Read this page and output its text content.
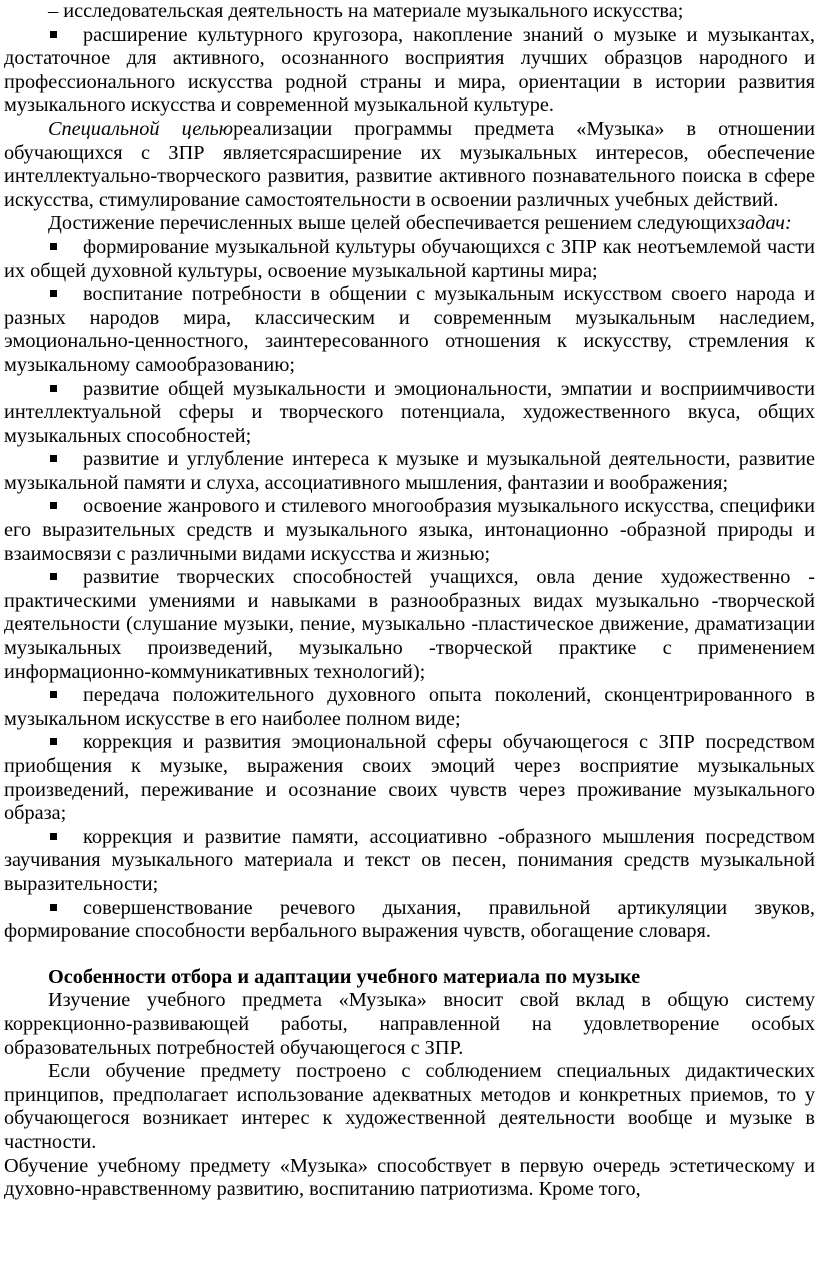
– исследовательская деятельность на материале музыкального искусства;

расширение культурного кругозора, накопление знаний о музыке и музыкантах, достаточное для активного, осознанного восприятия лучших образцов народного и профессионального искусства родной страны и мира, ориентации в истории развития музыкального искусства и современной музыкальной культуре.

Специальной цельюреализации программы предмета «Музыка» в отношении обучающихся с ЗПР являетсярасширение их музыкальных интересов, обеспечение интеллектуально-творческого развития, развитие активного познавательного поиска в сфере искусства, стимулирование самостоятельности в освоении различных учебных действий.

Достижение перечисленных выше целей обеспечивается решением следующихзадач:

формирование музыкальной культуры обучающихся с ЗПР как неотъемлемой части их общей духовной культуры, освоение музыкальной картины мира;

воспитание потребности в общении с музыкальным искусством своего народа и разных народов мира, классическим и современным музыкальным наследием, эмоционально-ценностного, заинтересованного отношения к искусству, стремления к музыкальному самообразованию;

развитие общей музыкальности и эмоциональности, эмпатии и восприимчивости интеллектуальной сферы и творческого потенциала, художественного вкуса, общих музыкальных способностей;

развитие и углубление интереса к музыке и музыкальной деятельности, развитие музыкальной памяти и слуха, ассоциативного мышления, фантазии и воображения;

освоение жанрового и стилевого многообразия музыкального искусства, специфики его выразительных средств и музыкального языка, интонационно -образной природы и взаимосвязи с различными видами искусства и жизнью;

развитие творческих способностей учащихся, овла дение художественно - практическими умениями и навыками в разнообразных видах музыкально -творческой деятельности (слушание музыки, пение, музыкально -пластическое движение, драматизации музыкальных произведений, музыкально -творческой практике с применением информационно-коммуникативных технологий);

передача положительного духовного опыта поколений, сконцентрированного в музыкальном искусстве в его наиболее полном виде;

коррекция и развития эмоциональной сферы обучающегося с ЗПР посредством приобщения к музыке, выражения своих эмоций через восприятие музыкальных произведений, переживание и осознание своих чувств через проживание музыкального образа;

коррекция и развитие памяти, ассоциативно -образного мышления посредством заучивания музыкального материала и текст ов песен, понимания средств музыкальной выразительности;

совершенствование речевого дыхания, правильной артикуляции звуков, формирование способности вербального выражения чувств, обогащение словаря.

Особенности отбора и адаптации учебного материала по музыке

Изучение учебного предмета «Музыка» вносит свой вклад в общую систему коррекционно-развивающей работы, направленной на удовлетворение особых образовательных потребностей обучающегося с ЗПР.

Если обучение предмету построено с соблюдением специальных дидактических принципов, предполагает использование адекватных методов и конкретных приемов, то у обучающегося возникает интерес к художественной деятельности вообще и музыке в частности.

Обучение учебному предмету «Музыка» способствует в первую очередь эстетическому и духовно-нравственному развитию, воспитанию патриотизма. Кроме того,
